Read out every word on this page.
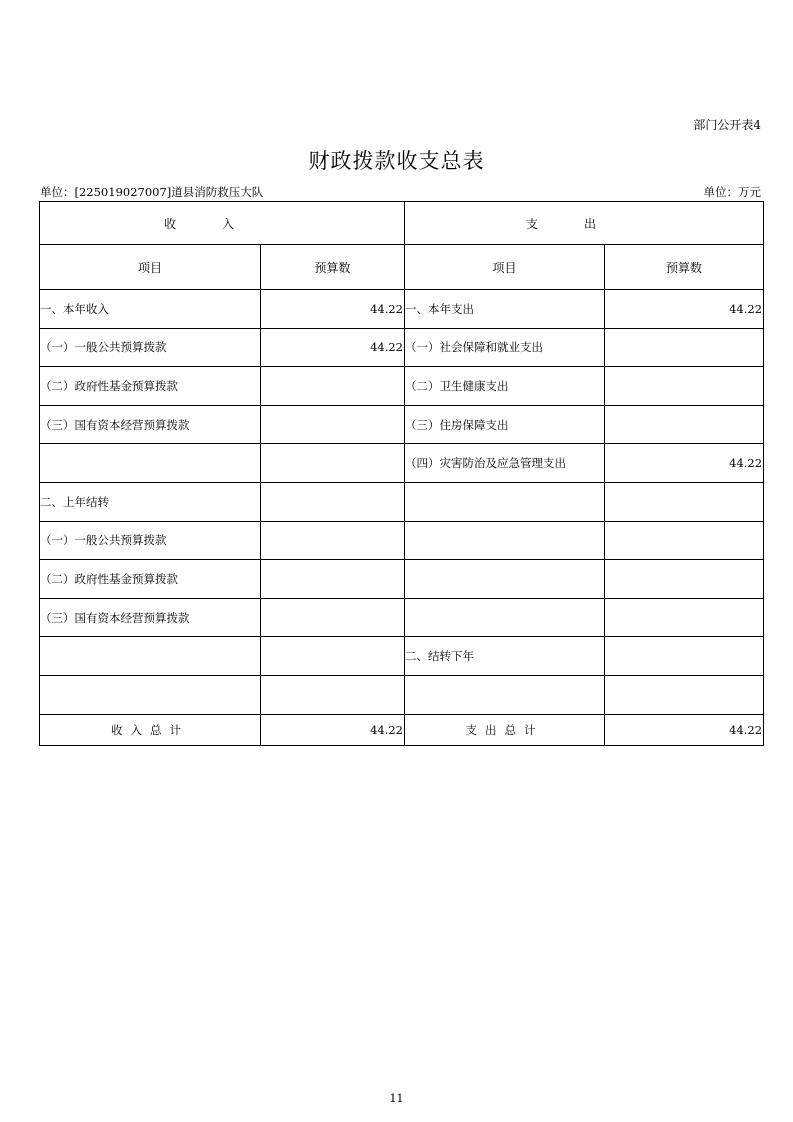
部门公开表4
财政拨款收支总表
单位：[225019027007]道县消防救压大队	单位：万元
收入		支出	
项目	预算数	项目	预算数
一、本年收入	44.22	一、本年支出	44.22
（一）一般公共预算拨款	44.22	（一）社会保障和就业支出	
（二）政府性基金预算拨款		（二）卫生健康支出	
（三）国有资本经营预算拨款		（三）住房保障支出	
		（四）灾害防治及应急管理支出	44.22
二、上年结转			
（一）一般公共预算拨款			
（二）政府性基金预算拨款			
（三）国有资本经营预算拨款			
		二、结转下年	

收入总计	44.22	支出总计	44.22
11
